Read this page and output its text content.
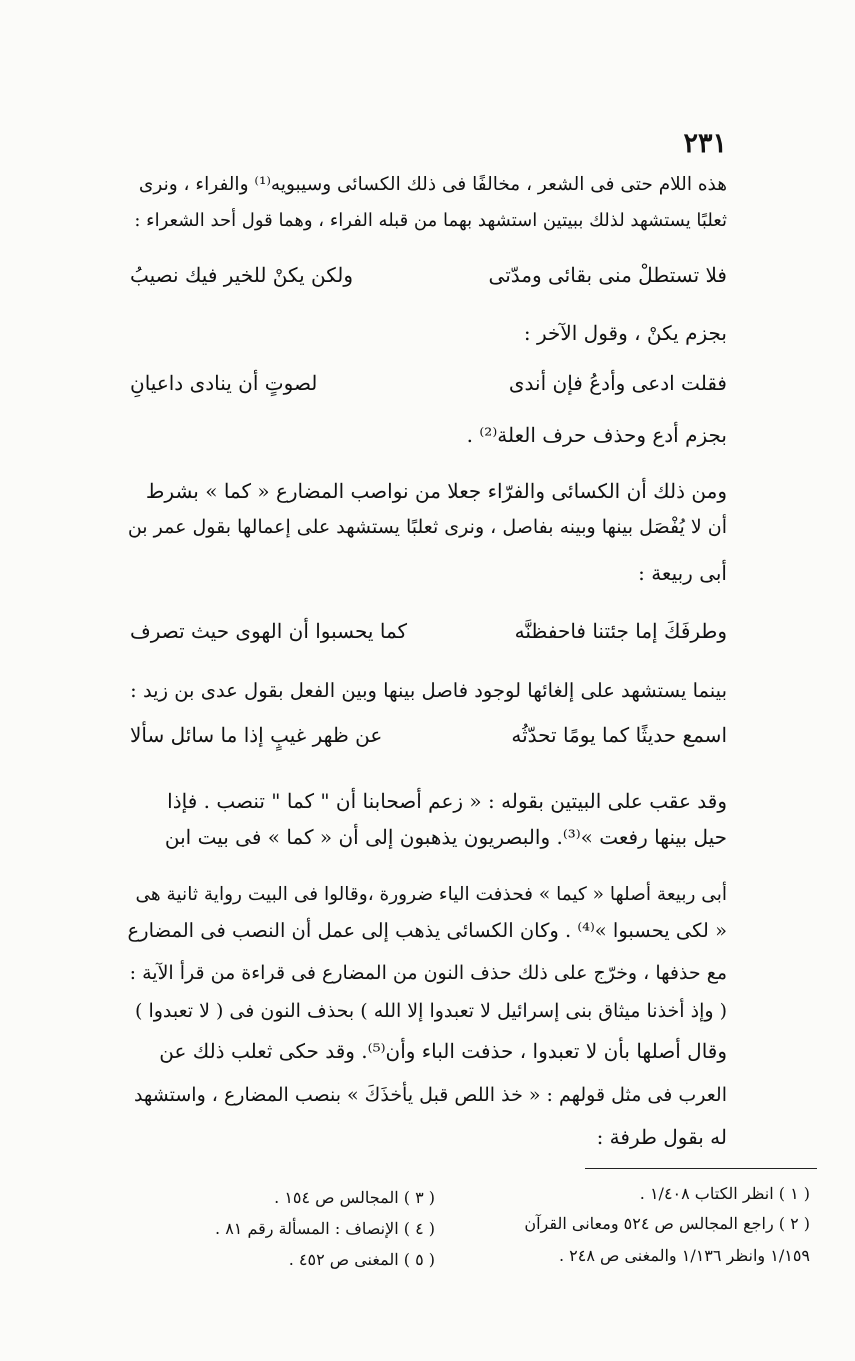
٢٣١
هذه اللام حتى فى الشعر ، مخالفًا فى ذلك الكسائى وسيبويه⁽¹⁾ والفراء ، ونرى
ثعلبًا يستشهد لذلك ببيتين استشهد بهما من قبله الفراء ، وهما قول أحد الشعراء :
فلا تستطلْ منى بقائى ومدّتى
ولكن يكنْ للخير فيك نصيبُ
بجزم يكنْ ، وقول الآخر :
فقلت ادعى وأدعُ فإن أندى
لصوتٍ أن ينادى داعيانِ
بجزم أدع وحذف حرف العلة⁽²⁾ .
ومن ذلك أن الكسائى والفرّاء جعلا من نواصب المضارع « كما » بشرط
أن لا يُفْصَل بينها وبينه بفاصل ، ونرى ثعلبًا يستشهد على إعمالها بقول عمر بن
أبى ربيعة :
وطرفَكَ إما جئتنا فاحفظنَّه
كما يحسبوا أن الهوى حيث تصرف
بينما يستشهد على إلغائها لوجود فاصل بينها وبين الفعل بقول عدى بن زيد :
اسمع حديثًا كما يومًا تحدّثُه
عن ظهر غيبٍ إذا ما سائل سألا
وقد عقب على البيتين بقوله : « زعم أصحابنا أن " كما " تنصب . فإذا
حيل بينها رفعت »⁽³⁾. والبصريون يذهبون إلى أن « كما » فى بيت ابن
أبى ربيعة أصلها « كيما » فحذفت الياء ضرورة ،وقالوا فى البيت رواية ثانية هى
« لكى يحسبوا »⁽⁴⁾ . وكان الكسائى يذهب إلى عمل أن النصب فى المضارع
مع حذفها ، وخرّج على ذلك حذف النون من المضارع فى قراءة من قرأ الآية :
( وإذ أخذنا ميثاق بنى إسرائيل لا تعبدوا إلا الله ) بحذف النون فى ( لا تعبدوا )
وقال أصلها بأن لا تعبدوا ، حذفت الباء وأن⁽⁵⁾. وقد حكى ثعلب ذلك عن
العرب فى مثل قولهم : « خذ اللص قبل يأخذَكَ » بنصب المضارع ، واستشهد
له بقول طرفة :
( ١ ) انظر الكتاب ١/٤٠٨ .
( ٢ ) راجع المجالس ص ٥٢٤ ومعانى القرآن
١/١٥٩ وانظر ١/١٣٦ والمغنى ص ٢٤٨ .
( ٣ ) المجالس ص ١٥٤ .
( ٤ ) الإنصاف : المسألة رقم ٨١ .
( ٥ ) المغنى ص ٤٥٢ .
